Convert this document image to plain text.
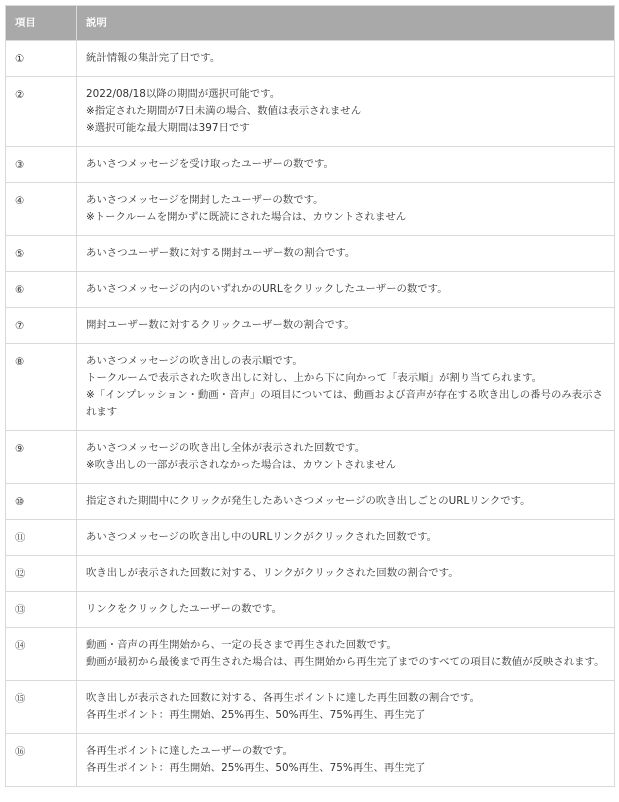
項目	説明
①	統計情報の集計完了日です。

②	2022/08/18以降の期間が選択可能です。
※指定された期間が7日未満の場合、数値は表示されません
※選択可能な最大期間は397日です

③	あいさつメッセージを受け取ったユーザーの数です。

④	あいさつメッセージを開封したユーザーの数です。
※トークルームを開かずに既読にされた場合は、カウントされません

⑤	あいさつユーザー数に対する開封ユーザー数の割合です。

⑥	あいさつメッセージの内のいずれかのURLをクリックしたユーザーの数です。

⑦	開封ユーザー数に対するクリックユーザー数の割合です。

⑧	あいさつメッセージの吹き出しの表示順です。
トークルームで表示された吹き出しに対し、上から下に向かって「表示順」が割り当てられます。
※「インプレッション・動画・音声」の項目については、動画および音声が存在する吹き出しの番号のみ表示されます

⑨	あいさつメッセージの吹き出し全体が表示された回数です。
※吹き出しの一部が表示されなかった場合は、カウントされません

⑩	指定された期間中にクリックが発生したあいさつメッセージの吹き出しごとのURLリンクです。

⑪	あいさつメッセージの吹き出し中のURLリンクがクリックされた回数です。

⑫	吹き出しが表示された回数に対する、リンクがクリックされた回数の割合です。

⑬	リンクをクリックしたユーザーの数です。

⑭	動画・音声の再生開始から、一定の長さまで再生された回数です。
動画が最初から最後まで再生された場合は、再生開始から再生完了までのすべての項目に数値が反映されます。

⑮	吹き出しが表示された回数に対する、各再生ポイントに達した再生回数の割合です。
各再生ポイント：再生開始、25%再生、50%再生、75%再生、再生完了

⑯	各再生ポイントに達したユーザーの数です。
各再生ポイント：再生開始、25%再生、50%再生、75%再生、再生完了
